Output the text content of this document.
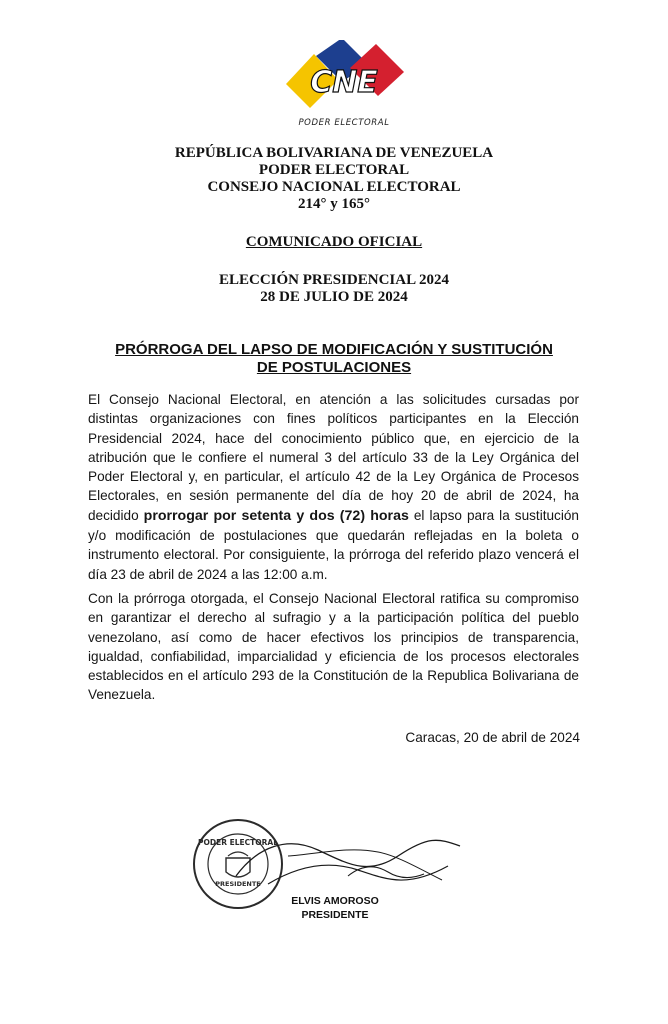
CNE
PODER ELECTORAL
REPÚBLICA BOLIVARIANA DE VENEZUELA
PODER ELECTORAL
CONSEJO NACIONAL ELECTORAL
214° y 165°
COMUNICADO OFICIAL
ELECCIÓN PRESIDENCIAL 2024
28 DE JULIO DE 2024
PRÓRROGA DEL LAPSO DE MODIFICACIÓN Y SUSTITUCIÓN
DE POSTULACIONES
El Consejo Nacional Electoral, en atención a las solicitudes cursadas por distintas organizaciones con fines políticos participantes en la Elección Presidencial 2024, hace del conocimiento público que, en ejercicio de la atribución que le confiere el numeral 3 del artículo 33 de la Ley Orgánica del Poder Electoral y, en particular, el artículo 42 de la Ley Orgánica de Procesos Electorales, en sesión permanente del día de hoy 20 de abril de 2024, ha decidido prorrogar por setenta y dos (72) horas el lapso para la sustitución y/o modificación de postulaciones que quedarán reflejadas en la boleta o instrumento electoral. Por consiguiente, la prórroga del referido plazo vencerá el día 23 de abril de 2024 a las 12:00 a.m.
Con la prórroga otorgada, el Consejo Nacional Electoral ratifica su compromiso en garantizar el derecho al sufragio y a la participación política del pueblo venezolano, así como de hacer efectivos los principios de transparencia, igualdad, confiabilidad, imparcialidad y eficiencia de los procesos electorales establecidos en el artículo 293 de la Constitución de la Republica Bolivariana de Venezuela.
Caracas, 20 de abril de 2024
PODER ELECTORAL
PRESIDENTE
ELVIS AMOROSO
PRESIDENTE
